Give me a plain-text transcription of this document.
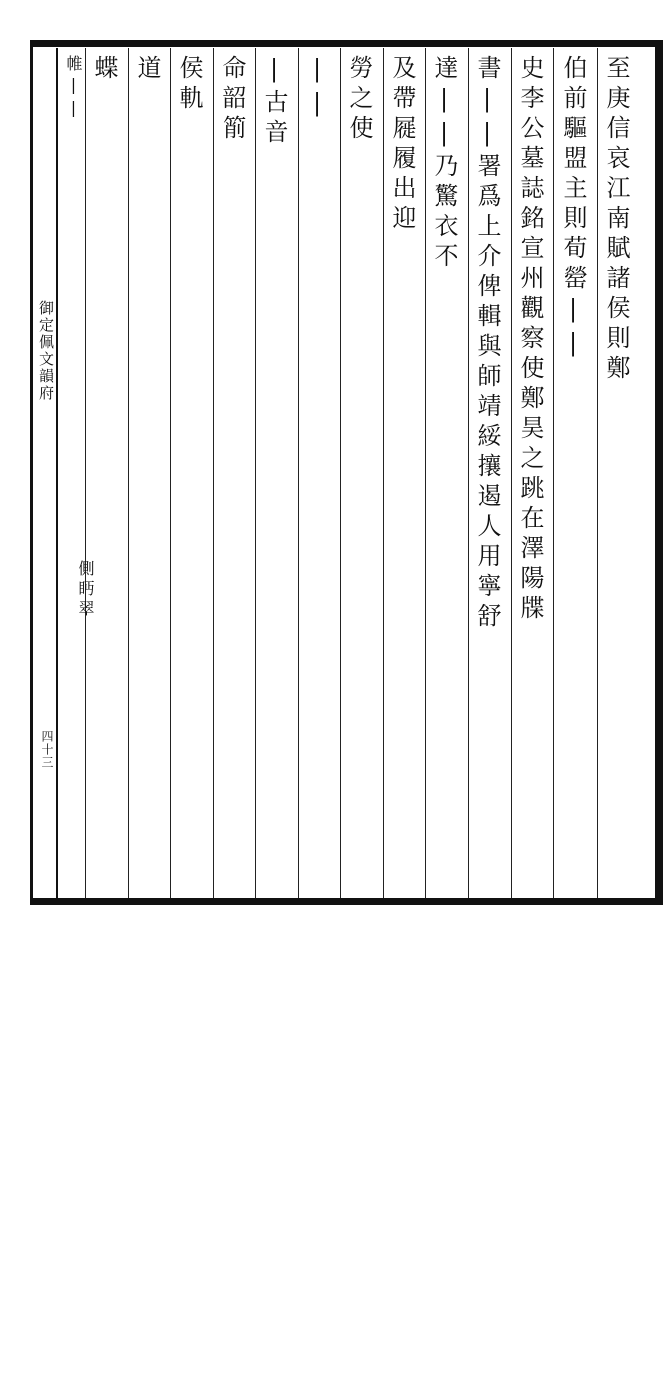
御定佩文韻府
四十三
至庚信哀江南賦諸侯則鄭
伯前驅盟主則荀罃||
史李公墓誌銘宣州觀察使鄭昊之跳在澤陽牒
書||署爲上介俾輯與師靖綏攘遏人用寧舒
達||乃驚衣不
及帶屣履出迎
勞之使
||
|古音
命韶箾
侯軌
道
蝶
帷||
側眄翠
